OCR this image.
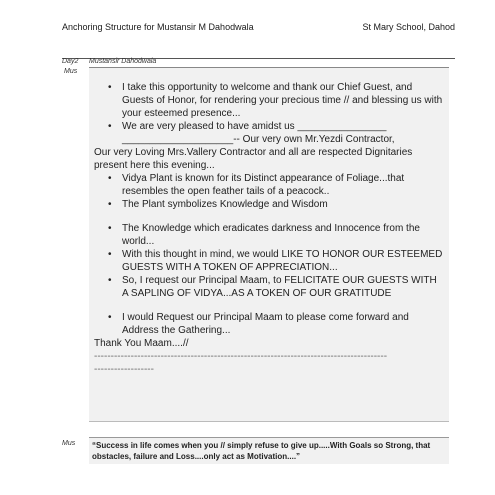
Anchoring Structure for Mustansir M Dahodwala	St Mary School, Dahod
Day2 Mustansir Dahodwala
Mus
• I take this opportunity to welcome and thank our Chief Guest, and Guests of Honor, for rendering your precious time // and blessing us with your esteemed presence...
• We are very pleased to have amidst us ________________

____________________-- Our very own Mr.Yezdi Contractor,

Our very Loving Mrs.Vallery Contractor and all are respected Dignitaries present here this evening...

• Vidya Plant is known for its Distinct appearance of Foliage...that resembles the open feather tails of a peacock..
• The Plant symbolizes Knowledge and Wisdom
• The Knowledge which eradicates darkness and Innocence from the world...
• With this thought in mind, we would LIKE TO HONOR OUR ESTEEMED GUESTS WITH A TOKEN OF APPRECIATION...
• So, I request our Principal Maam, to FELICITATE OUR GUESTS WITH A SAPLING OF VIDYA...AS A TOKEN OF OUR GRATITUDE
• I would Request our Principal Maam to please come forward and Address the Gathering...

Thank You Maam....//

----------------------------------------------------------------------------------------

------------------

Mus	“Success in life comes when you // simply refuse to give up.....With Goals so Strong, that obstacles, failure and Loss....only act as Motivation....”
